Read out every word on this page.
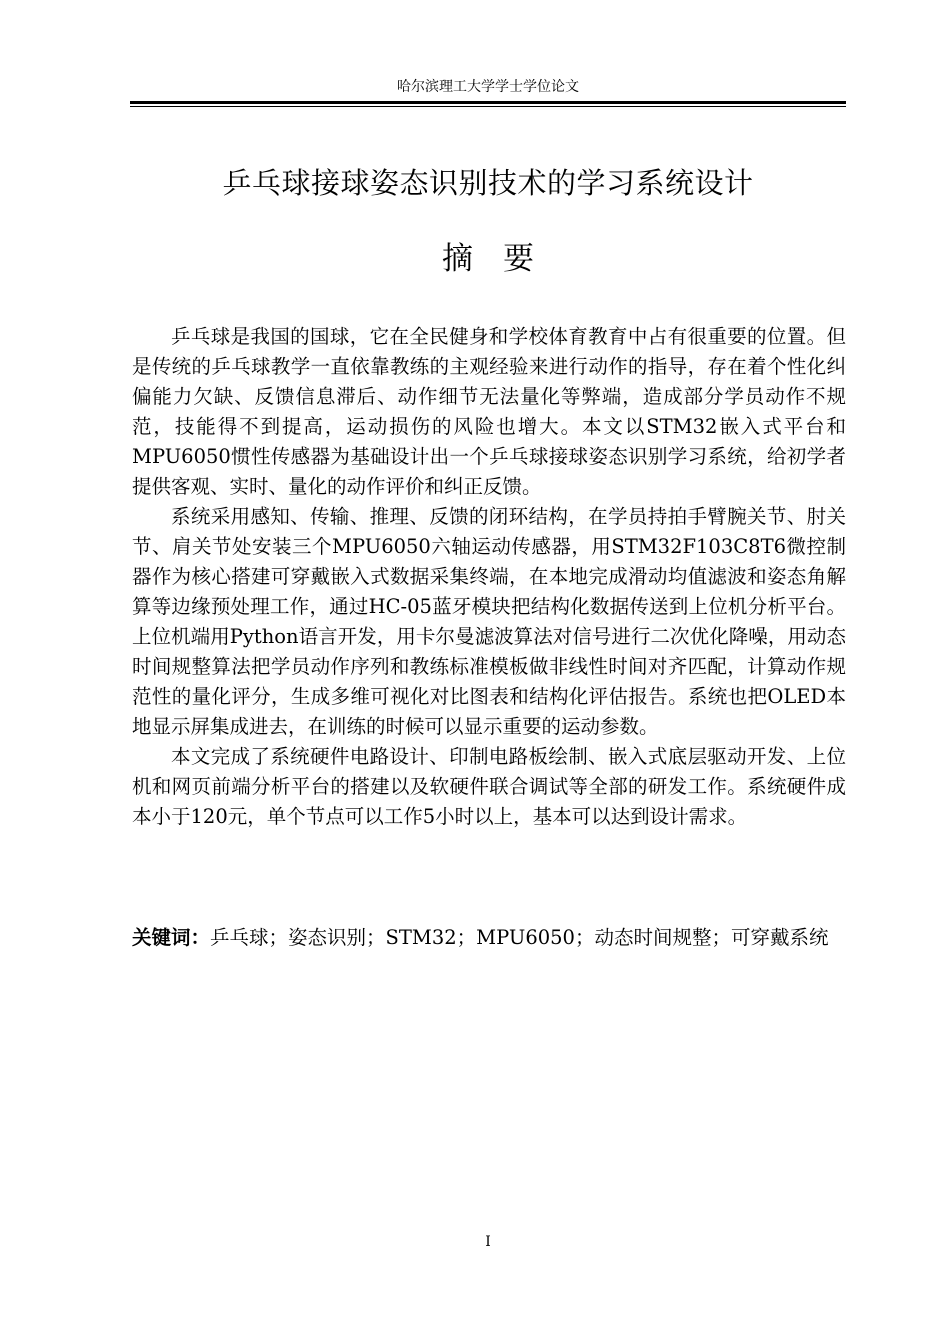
哈尔滨理工大学学士学位论文
乒乓球接球姿态识别技术的学习系统设计
摘要

乒乓球是我国的国球，它在全民健身和学校体育教育中占有很重要的位置。但是传统的乒乓球教学一直依靠教练的主观经验来进行动作的指导，存在着个性化纠偏能力欠缺、反馈信息滞后、动作细节无法量化等弊端，造成部分学员动作不规范，技能得不到提高，运动损伤的风险也增大。本文以STM32嵌入式平台和MPU6050惯性传感器为基础设计出一个乒乓球接球姿态识别学习系统，给初学者提供客观、实时、量化的动作评价和纠正反馈。

系统采用感知、传输、推理、反馈的闭环结构，在学员持拍手臂腕关节、肘关节、肩关节处安装三个MPU6050六轴运动传感器，用STM32F103C8T6微控制器作为核心搭建可穿戴嵌入式数据采集终端，在本地完成滑动均值滤波和姿态角解算等边缘预处理工作，通过HC-05蓝牙模块把结构化数据传送到上位机分析平台。上位机端用Python语言开发，用卡尔曼滤波算法对信号进行二次优化降噪，用动态时间规整算法把学员动作序列和教练标准模板做非线性时间对齐匹配，计算动作规范性的量化评分，生成多维可视化对比图表和结构化评估报告。系统也把OLED本地显示屏集成进去，在训练的时候可以显示重要的运动参数。

本文完成了系统硬件电路设计、印制电路板绘制、嵌入式底层驱动开发、上位机和网页前端分析平台的搭建以及软硬件联合调试等全部的研发工作。系统硬件成本小于120元，单个节点可以工作5小时以上，基本可以达到设计需求。

关键词：乒乓球；姿态识别；STM32；MPU6050；动态时间规整；可穿戴系统
I
